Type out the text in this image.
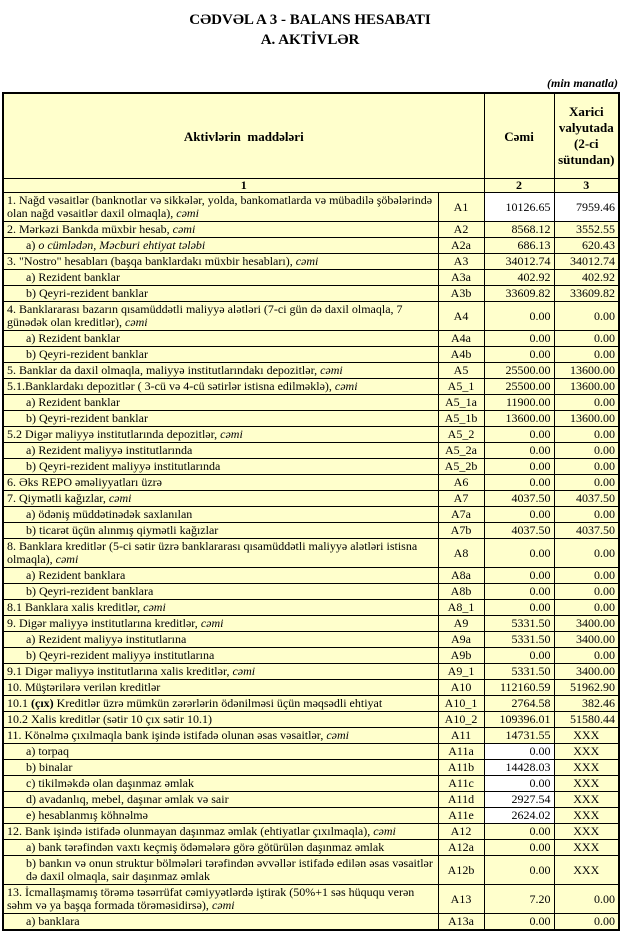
CƏDVƏL A 3 - BALANS HESABATI
A. AKTİVLƏR
(min manatla)
Aktivlərin  maddələri		Cəmi	Xarici valyutada (2-ci sütundan)
1		2	3
1. Nağd vəsaitlər (banknotlar və sikkələr, yolda, bankomatlarda və mübadilə şöbələrində olan nağd vəsaitlər daxil olmaqla), cəmi	A1	10126.65	7959.46
2. Mərkəzi Bankda müxbir hesab, cəmi	A2	8568.12	3552.55
a) o cümlədən, Məcburi ehtiyat tələbi	A2a	686.13	620.43
3. "Nostro" hesabları (başqa banklardakı müxbir hesabları), cəmi	A3	34012.74	34012.74
a) Rezident banklar	A3a	402.92	402.92
b) Qeyri-rezident banklar	A3b	33609.82	33609.82
4. Banklararası bazarın qısamüddətli maliyyə alətləri (7-ci gün də daxil olmaqla, 7 günədək olan kreditlər), cəmi	A4	0.00	0.00
a) Rezident banklar	A4a	0.00	0.00
b) Qeyri-rezident banklar	A4b	0.00	0.00
5. Banklar da daxil olmaqla, maliyyə institutlarındakı depozitlər, cəmi	A5	25500.00	13600.00
5.1.Banklardakı depozitlər ( 3-cü və 4-cü sətirlər istisna edilməklə), cəmi	A5_1	25500.00	13600.00
a) Rezident banklar	A5_1a	11900.00	0.00
b) Qeyri-rezident banklar	A5_1b	13600.00	13600.00
5.2 Digər maliyyə institutlarında depozitlər, cəmi	A5_2	0.00	0.00
a) Rezident maliyyə institutlarında	A5_2a	0.00	0.00
b) Qeyri-rezident maliyyə institutlarında	A5_2b	0.00	0.00
6. Əks REPO əməliyyatları üzrə	A6	0.00	0.00
7. Qiymətli kağızlar, cəmi	A7	4037.50	4037.50
a) ödəniş müddətinədək saxlanılan	A7a	0.00	0.00
b) ticarət üçün alınmış qiymətli kağızlar	A7b	4037.50	4037.50
8. Banklara kreditlər (5-ci sətir üzrə banklararası qısamüddətli maliyyə alətləri istisna olmaqla), cəmi	A8	0.00	0.00
a) Rezident banklara	A8a	0.00	0.00
b) Qeyri-rezident banklara	A8b	0.00	0.00
8.1 Banklara xalis kreditlər, cəmi	A8_1	0.00	0.00
9. Digər maliyyə institutlarına kreditlər, cəmi	A9	5331.50	3400.00
a) Rezident maliyyə institutlarına	A9a	5331.50	3400.00
b) Qeyri-rezident maliyyə institutlarına	A9b	0.00	0.00
9.1 Digər maliyyə institutlarına xalis kreditlər, cəmi	A9_1	5331.50	3400.00
10. Müştərilərə verilən kreditlər	A10	112160.59	51962.90
10.1 (çıx) Kreditlər üzrə mümkün zərərlərin ödənilməsi üçün məqsədli ehtiyat	A10_1	2764.58	382.46
10.2 Xalis kreditlər (sətir 10 çıx sətir 10.1)	A10_2	109396.01	51580.44
11. Könəlmə çıxılmaqla bank işində istifadə olunan əsas vəsaitlər, cəmi	A11	14731.55	XXX
a) torpaq	A11a	0.00	XXX
b) binalar	A11b	14428.03	XXX
c) tikilməkdə olan daşınmaz əmlak	A11c	0.00	XXX
d) avadanlıq, mebel, daşınar əmlak və sair	A11d	2927.54	XXX
e) hesablanmış köhnəlmə	A11e	2624.02	XXX
12. Bank işində istifadə olunmayan daşınmaz əmlak (ehtiyatlar çıxılmaqla), cəmi	A12	0.00	XXX
a) bank tərəfindən vaxtı keçmiş ödəmələrə görə götürülən daşınmaz əmlak	A12a	0.00	XXX
b) bankın və onun struktur bölmələri tərəfindən əvvəllər istifadə edilən əsas vəsaitlər də daxil olmaqla, sair daşınmaz əmlak	A12b	0.00	XXX
13. İcmallaşmamış törəmə təsərrüfat cəmiyyətlərdə iştirak (50%+1 səs hüququ verən səhm və ya başqa formada törəməsidirsə), cəmi	A13	7.20	0.00
a) banklara	A13a	0.00	0.00
